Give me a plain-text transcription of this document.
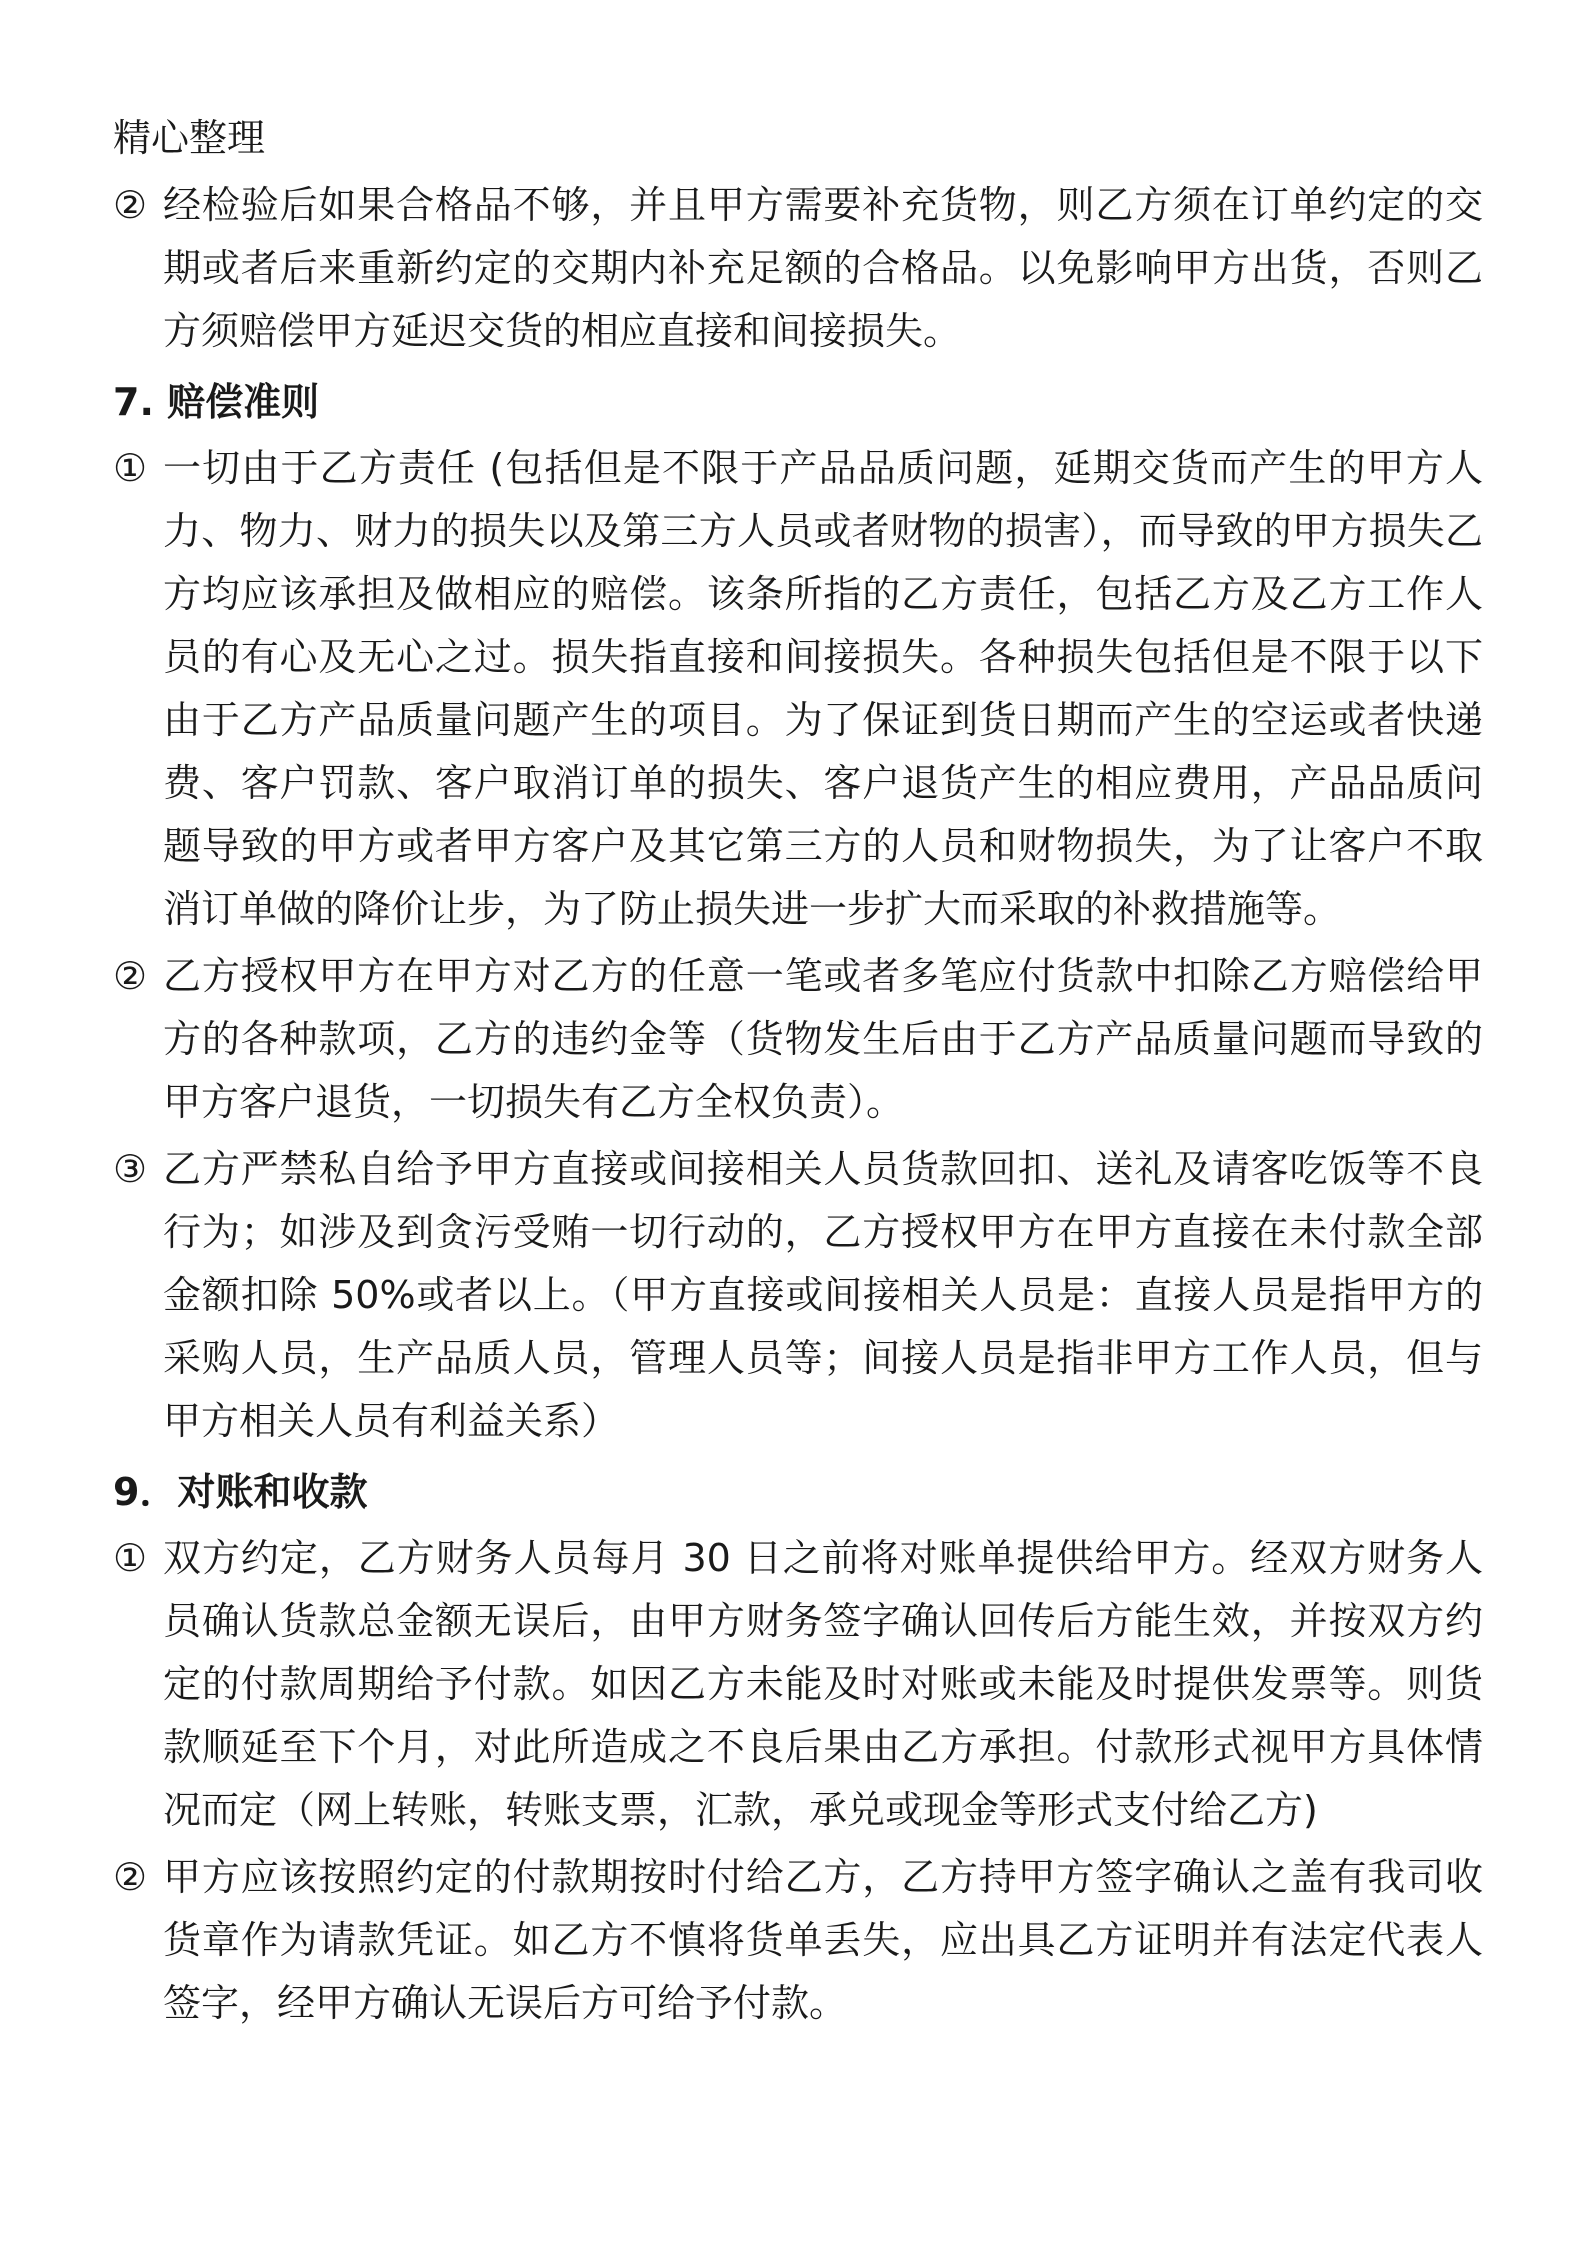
精心整理
② 经检验后如果合格品不够，并且甲方需要补充货物，则乙方须在订单约定的交期或者后来重新约定的交期内补充足额的合格品。以免影响甲方出货，否则乙方须赔偿甲方延迟交货的相应直接和间接损失。
7. 赔偿准则
① 一切由于乙方责任 (包括但是不限于产品品质问题，延期交货而产生的甲方人力、物力、财力的损失以及第三方人员或者财物的损害），而导致的甲方损失乙方均应该承担及做相应的赔偿。该条所指的乙方责任，包括乙方及乙方工作人员的有心及无心之过。损失指直接和间接损失。各种损失包括但是不限于以下由于乙方产品质量问题产生的项目。为了保证到货日期而产生的空运或者快递费、客户罚款、客户取消订单的损失、客户退货产生的相应费用，产品品质问题导致的甲方或者甲方客户及其它第三方的人员和财物损失，为了让客户不取消订单做的降价让步，为了防止损失进一步扩大而采取的补救措施等。
② 乙方授权甲方在甲方对乙方的任意一笔或者多笔应付货款中扣除乙方赔偿给甲方的各种款项，乙方的违约金等（货物发生后由于乙方产品质量问题而导致的甲方客户退货，一切损失有乙方全权负责）。
③ 乙方严禁私自给予甲方直接或间接相关人员货款回扣、送礼及请客吃饭等不良行为；如涉及到贪污受贿一切行动的，乙方授权甲方在甲方直接在未付款全部金额扣除 50%或者以上。（甲方直接或间接相关人员是：直接人员是指甲方的采购人员，生产品质人员，管理人员等；间接人员是指非甲方工作人员，但与甲方相关人员有利益关系）
9．对账和收款
① 双方约定，乙方财务人员每月 30 日之前将对账单提供给甲方。经双方财务人员确认货款总金额无误后，由甲方财务签字确认回传后方能生效，并按双方约定的付款周期给予付款。如因乙方未能及时对账或未能及时提供发票等。则货款顺延至下个月，对此所造成之不良后果由乙方承担。付款形式视甲方具体情况而定（网上转账，转账支票，汇款，承兑或现金等形式支付给乙方)
② 甲方应该按照约定的付款期按时付给乙方，乙方持甲方签字确认之盖有我司收货章作为请款凭证。如乙方不慎将货单丢失，应出具乙方证明并有法定代表人签字，经甲方确认无误后方可给予付款。
